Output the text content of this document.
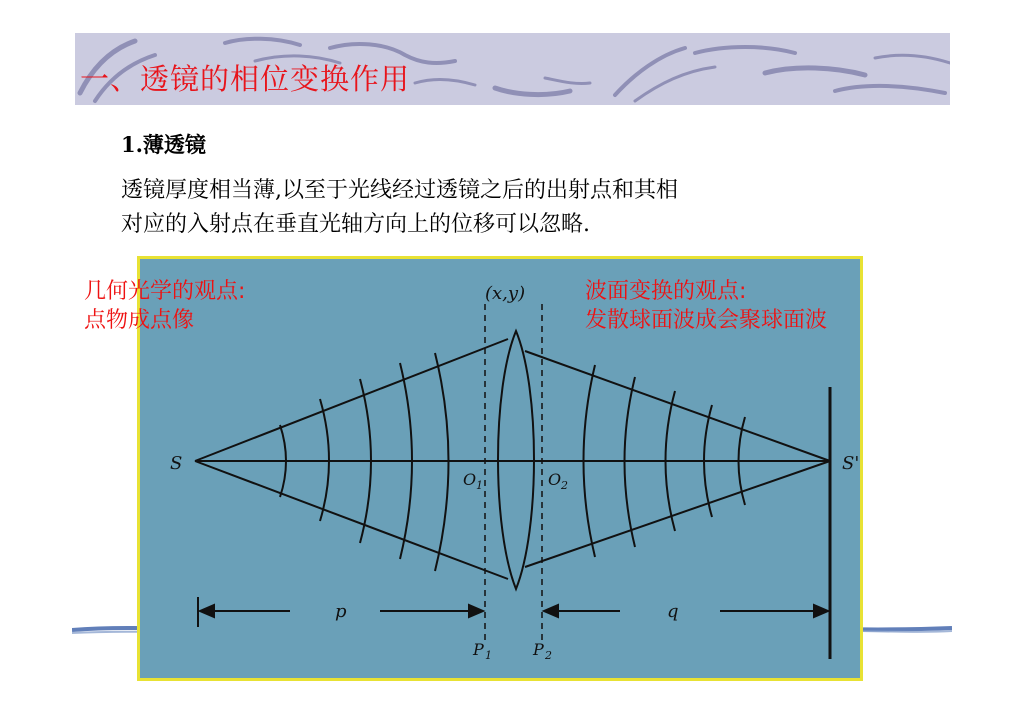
一、透镜的相位变换作用
1.薄透镜

透镜厚度相当薄,以至于光线经过透镜之后的出射点和其相
对应的入射点在垂直光轴方向上的位移可以忽略.

(x,y)
S	S'
O 1	O 2
p	q
P 1	P 2

几何光学的观点:
点物成点像

波面变换的观点:
发散球面波成会聚球面波
